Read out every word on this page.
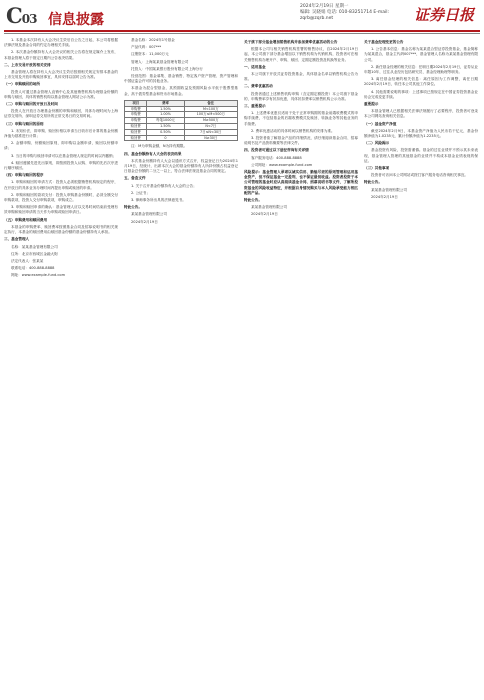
C03 信息披露
2024年2月19日 星期一
编辑: 吴晓娟 电话: 010-83251714 E-mail: zqrb@zqrb.net	证券日报

1. 本基金本次持有人大会决议生效后自公告之日起，本公司将根据法律法规及基金合同的约定办理相关手续。

2. 本次基金份额持有人大会决议的相关公告将在规定媒介上发布，本基金管理人将于指定日期内公告表决结果。

二、上市交易开放的相关安排

基金管理人将在持有人大会决议生效后按照相关规定安排本基金的上市交易及开放申购赎回事宜，具体安排以届时公告为准。

（一）申购赎回的场所

投资人可通过基金管理人直销中心及其他销售机构办理基金份额的申购与赎回，具体的销售机构以基金管理人网站公示为准。

（二）申购与赎回的开放日及时间

投资人在开放日办理基金份额的申购和赎回，具体办理时间为上海证券交易所、深圳证券交易所的正常交易日的交易时间。

（三）申购与赎回的原则

1. 未知价法，即申购、赎回价格以申请当日收市后计算的基金份额净值为基准进行计算；

2. 金额申购、份额赎回原则，即申购以金额申请，赎回以份额申请；

3. 当日的申购与赎回申请可以在基金管理人规定的时间以内撤销；

4. 赎回遵循先进先出原则，即按照投资人认购、申购的先后次序进行顺序赎回。

（四）申购与赎回的程序

1. 申购和赎回的申请方式：投资人必须根据销售机构规定的程序，在开放日的具体业务办理时间内提出申购或赎回的申请。

2. 申购和赎回的款项支付：投资人申购基金份额时，必须全额交付申购款项，投资人交付申购款项，申购成立。

3. 申购和赎回申请的确认：基金管理人应以交易时间结束前受理有效申购和赎回申请的当天作为申购或赎回申请日。

（五）申购费用和赎回费用

本基金的申购费率、赎回费率按照基金合同及招募说明书的相关规定执行，本基金的赎回费用由赎回基金份额的基金份额持有人承担。

三、基金管理人

名称：某某基金管理有限公司

住所：北京市西城区金融大街

法定代表人：张某某

联系电话：400-888-8888

网址：www.example-fund.com

基金名称：2024年1号基金

产品代码：007***

注册资本：11,000万元

管理人：上海某某基金管理有限公司

托管人：中国某某银行股份有限公司上海分行

经营范围：基金募集、基金销售、特定客户资产管理、资产管理和中国证监会许可的其他业务。

本基金为混合型基金，其预期收益及预期风险水平低于股票型基金，高于债券型基金和货币市场基金。

项目	费率	备注
申购费	1.50%	M<100万
申购费	1.00%	100万≤M<500万
申购费	每笔1000元	M≥500万
赎回费	1.50%	N<7日
赎回费	0.50%	7日≤N<30日
赎回费	0	N≥30日

注：M为申购金额，N为持有期限。

四、基金份额持有人大会的表决结果

本次基金份额持有人大会以通讯方式召开，权益登记日为2024年1月19日，经统计，出席本次大会的基金份额持有人所持份额占权益登记日基金总份额的二分之一以上，符合法律法规及基金合同的规定。

五、备查文件

1. 关于召开基金份额持有人大会的公告；

2. 公证书；

3. 律师事务所出具的法律意见书。

特此公告。

某某基金管理有限公司

2024年2月19日

关于旗下部分基金增加销售机构并参加费率优惠活动的公告

根据本公司与相关销售机构签署的销售协议，自2024年2月19日起，本公司旗下部分基金增加以下销售机构为代销机构，投资者可在相关销售机构办理开户、申购、赎回、定期定额投资及转换等业务。

一、适用基金

本公司旗下开放式证券投资基金，具体基金名单以销售机构公告为准。

二、费率优惠活动

投资者通过上述销售机构申购（含定期定额投资）本公司旗下基金的，申购费率享有折扣优惠，具体折扣费率以销售机构公示为准。

三、重要提示

1. 上述费率优惠仅适用于处于正常申购期的基金前端收费模式的申购手续费，不包括基金的后端收费模式及赎回、转换业务等其他业务的手续费。

2. 费率优惠活动的具体时间以销售机构的安排为准。

3. 投资者欲了解基金产品的详细情况，请仔细阅读基金合同、招募说明书及产品资料概要等法律文件。

四、投资者可通过以下途径咨询有关详情

客户服务电话：400-888-8888

公司网址：www.example-fund.com

风险提示：基金管理人承诺以诚实信用、勤勉尽责的原则管理和运用基金资产，但不保证基金一定盈利，也不保证最低收益。投资者投资于本公司管理的基金时应认真阅读基金合同、招募说明书等文件，了解所投资基金的风险收益特征，并根据自身情况购买与本人风险承受能力相匹配的产品。

特此公告。

某某基金管理有限公司

2024年2月19日

关于基金经理变更的公告

1. 公告基本信息：基金名称为某某混合型证券投资基金，基金简称为某某混合，基金主代码007***，基金管理人名称为某某基金管理有限公司。

2. 新任基金经理的相关信息：任职日期2024年2月19日，证券从业年限10年，过往从业经历包括研究员、基金经理助理等职务。

3. 离任基金经理的相关信息：离任原因为工作调整，离任日期2024年2月19日，转任本公司其他工作岗位。

4. 其他需要说明的事项：上述事项已按规定在中国证券投资基金业协会完成变更手续。

重要提示

本基金管理人已根据相关法律法规履行了必要程序，投资者可登录本公司网站查询相关信息。

（一）基金资产净值

截至2024年2月9日，本基金资产净值为人民币若干亿元，基金份额净值为1.0235元，累计份额净值为1.2235元。

（二）风险揭示

基金投资有风险，投资需谨慎。基金的过往业绩并不预示其未来表现，基金管理人管理的其他基金的业绩并不构成本基金业绩表现的保证。

（三）其他事项

投资者可访问本公司网站或拨打客户服务电话咨询相关事宜。

特此公告。

某某基金管理有限公司

2024年2月19日
